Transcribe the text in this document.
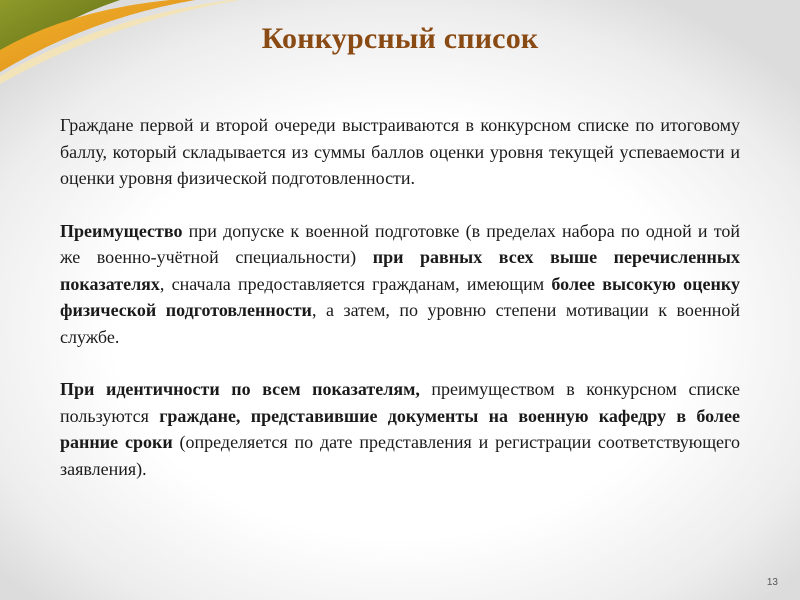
Конкурсный список

Граждане первой и второй очереди выстраиваются в конкурсном списке по итоговому баллу, который складывается из суммы баллов оценки уровня текущей успеваемости и оценки уровня физической подготовленности.

Преимущество при допуске к военной подготовке (в пределах набора по одной и той же военно-учётной специальности) при равных всех выше перечисленных показателях, сначала предоставляется гражданам, имеющим более высокую оценку физической подготовленности, а затем, по уровню степени мотивации к военной службе.

При идентичности по всем показателям, преимуществом в конкурсном списке пользуются граждане, представившие документы на военную кафедру в более ранние сроки (определяется по дате представления и регистрации соответствующего заявления).

13
